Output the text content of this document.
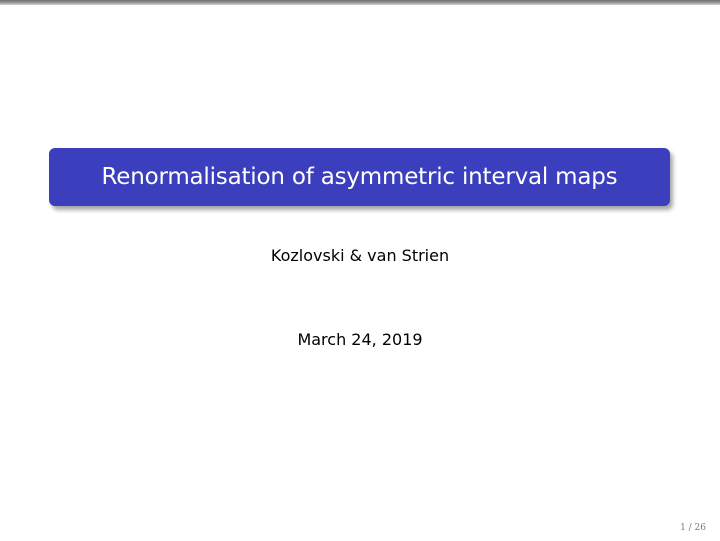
Renormalisation of asymmetric interval maps
Kozlovski & van Strien
March 24, 2019
1 / 26
